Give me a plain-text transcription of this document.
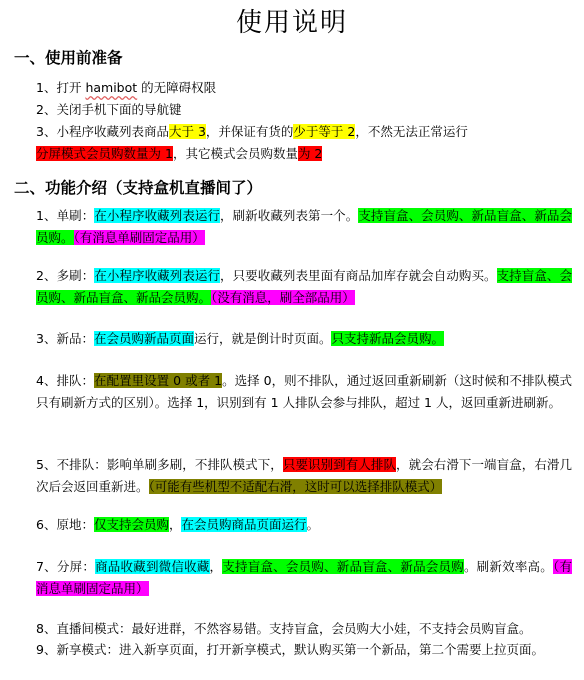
使用说明
一、使用前准备
1、打开 hamibot 的无障碍权限
2、关闭手机下面的导航键
3、小程序收藏列表商品大于 3，并保证有货的少于等于 2，不然无法正常运行
分屏模式会员购数量为 1，其它模式会员购数量为 2
二、功能介绍（支持盒机直播间了）
1、单刷：在小程序收藏列表运行，刷新收藏列表第一个。支持盲盒、会员购、新品盲盒、新品会员购。（有消息单刷固定品用）
2、多刷：在小程序收藏列表运行，只要收藏列表里面有商品加库存就会自动购买。支持盲盒、会员购、新品盲盒、新品会员购。（没有消息，刷全部品用）
3、新品：在会员购新品页面运行，就是倒计时页面。只支持新品会员购。
4、排队：在配置里设置 0 或者 1。选择 0，则不排队，通过返回重新刷新（这时候和不排队模式只有刷新方式的区别）。选择 1，识别到有 1 人排队会参与排队，超过 1 人，返回重新进刷新。
5、不排队：影响单刷多刷，不排队模式下，只要识别到有人排队，就会右滑下一端盲盒，右滑几次后会返回重新进。（可能有些机型不适配右滑，这时可以选择排队模式）
6、原地：仅支持会员购，在会员购商品页面运行。
7、分屏：商品收藏到微信收藏，支持盲盒、会员购、新品盲盒、新品会员购。刷新效率高。（有消息单刷固定品用）
8、直播间模式：最好进群，不然容易错。支持盲盒，会员购大小娃，不支持会员购盲盒。
9、新享模式：进入新享页面，打开新享模式，默认购买第一个新品，第二个需要上拉页面。
